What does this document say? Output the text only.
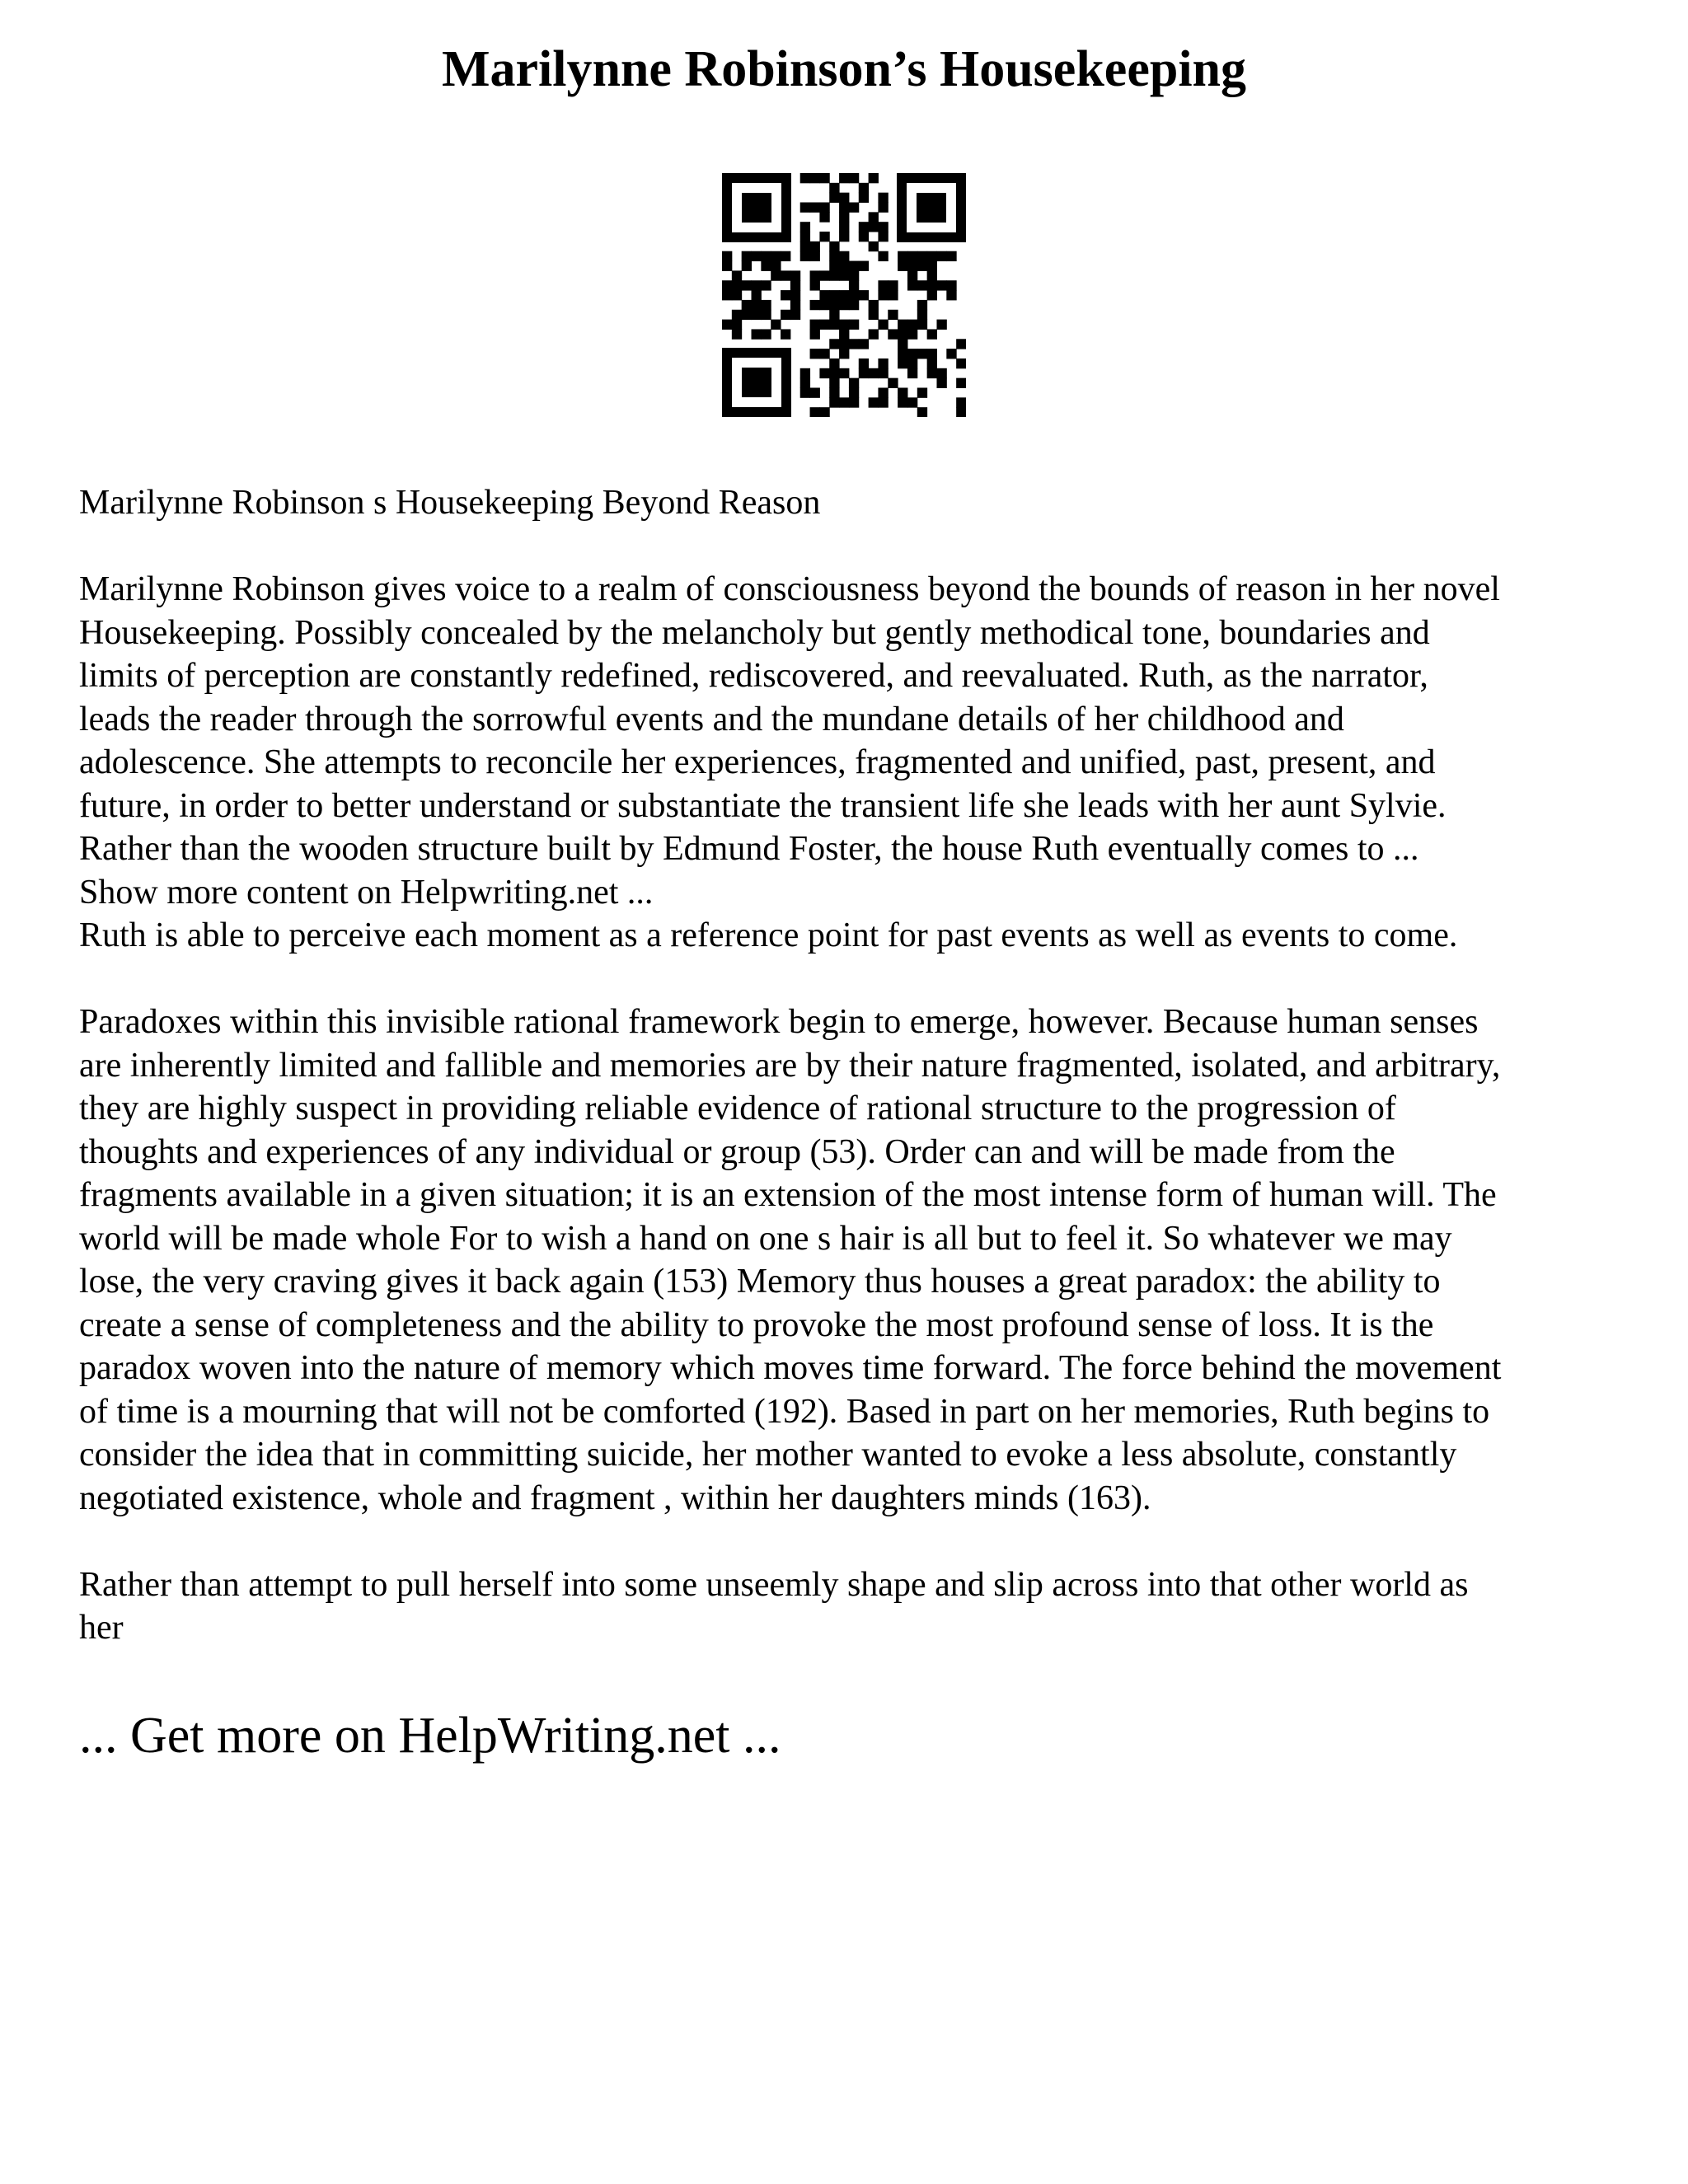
Marilynne Robinson’s Housekeeping

Marilynne Robinson s Housekeeping Beyond Reason

Marilynne Robinson gives voice to a realm of consciousness beyond the bounds of reason in her novel
Housekeeping. Possibly concealed by the melancholy but gently methodical tone, boundaries and
limits of perception are constantly redefined, rediscovered, and reevaluated. Ruth, as the narrator,
leads the reader through the sorrowful events and the mundane details of her childhood and
adolescence. She attempts to reconcile her experiences, fragmented and unified, past, present, and
future, in order to better understand or substantiate the transient life she leads with her aunt Sylvie.
Rather than the wooden structure built by Edmund Foster, the house Ruth eventually comes to ...

Show more content on Helpwriting.net ...

Ruth is able to perceive each moment as a reference point for past events as well as events to come.

Paradoxes within this invisible rational framework begin to emerge, however. Because human senses
are inherently limited and fallible and memories are by their nature fragmented, isolated, and arbitrary,
they are highly suspect in providing reliable evidence of rational structure to the progression of
thoughts and experiences of any individual or group (53). Order can and will be made from the
fragments available in a given situation; it is an extension of the most intense form of human will. The
world will be made whole For to wish a hand on one s hair is all but to feel it. So whatever we may
lose, the very craving gives it back again (153) Memory thus houses a great paradox: the ability to
create a sense of completeness and the ability to provoke the most profound sense of loss. It is the
paradox woven into the nature of memory which moves time forward. The force behind the movement
of time is a mourning that will not be comforted (192). Based in part on her memories, Ruth begins to
consider the idea that in committing suicide, her mother wanted to evoke a less absolute, constantly
negotiated existence, whole and fragment , within her daughters minds (163).

Rather than attempt to pull herself into some unseemly shape and slip across into that other world as
her

... Get more on HelpWriting.net ...
